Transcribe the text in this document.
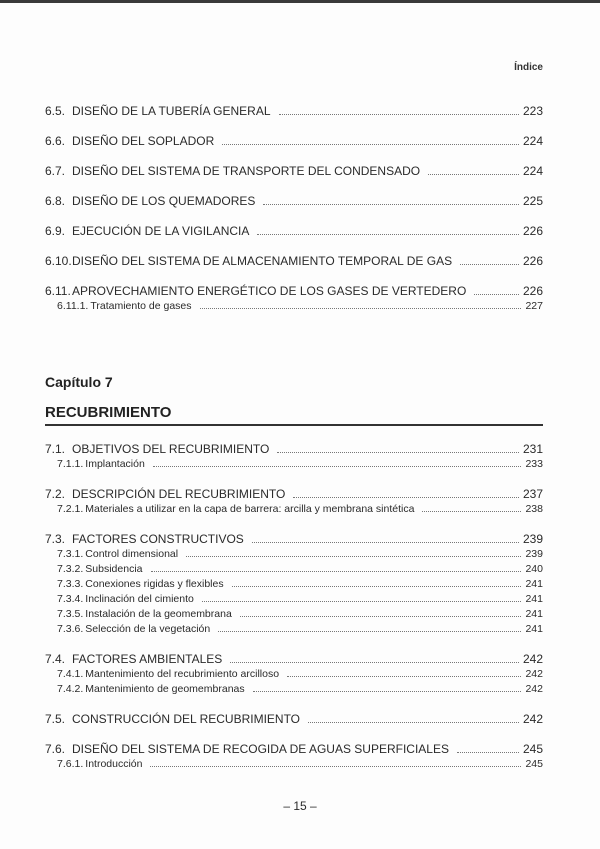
Índice
6.5. DISEÑO DE LA TUBERÍA GENERAL	223
6.6. DISEÑO DEL SOPLADOR	224
6.7. DISEÑO DEL SISTEMA DE TRANSPORTE DEL CONDENSADO	224
6.8. DISEÑO DE LOS QUEMADORES	225
6.9. EJECUCIÓN DE LA VIGILANCIA	226
6.10. DISEÑO DEL SISTEMA DE ALMACENAMIENTO TEMPORAL DE GAS	226
6.11. APROVECHAMIENTO ENERGÉTICO DE LOS GASES DE VERTEDERO	226
6.11.1. Tratamiento de gases	227
Capítulo 7
RECUBRIMIENTO
7.1. OBJETIVOS DEL RECUBRIMIENTO	231
7.1.1. Implantación	233
7.2. DESCRIPCIÓN DEL RECUBRIMIENTO	237
7.2.1. Materiales a utilizar en la capa de barrera: arcilla y membrana sintética	238
7.3. FACTORES CONSTRUCTIVOS	239
7.3.1. Control dimensional	239
7.3.2. Subsidencia	240
7.3.3. Conexiones rigidas y flexibles	241
7.3.4. Inclinación del cimiento	241
7.3.5. Instalación de la geomembrana	241
7.3.6. Selección de la vegetación	241
7.4. FACTORES AMBIENTALES	242
7.4.1. Mantenimiento del recubrimiento arcilloso	242
7.4.2. Mantenimiento de geomembranas	242
7.5. CONSTRUCCIÓN DEL RECUBRIMIENTO	242
7.6. DISEÑO DEL SISTEMA DE RECOGIDA DE AGUAS SUPERFICIALES	245
7.6.1. Introducción	245
– 15 –
